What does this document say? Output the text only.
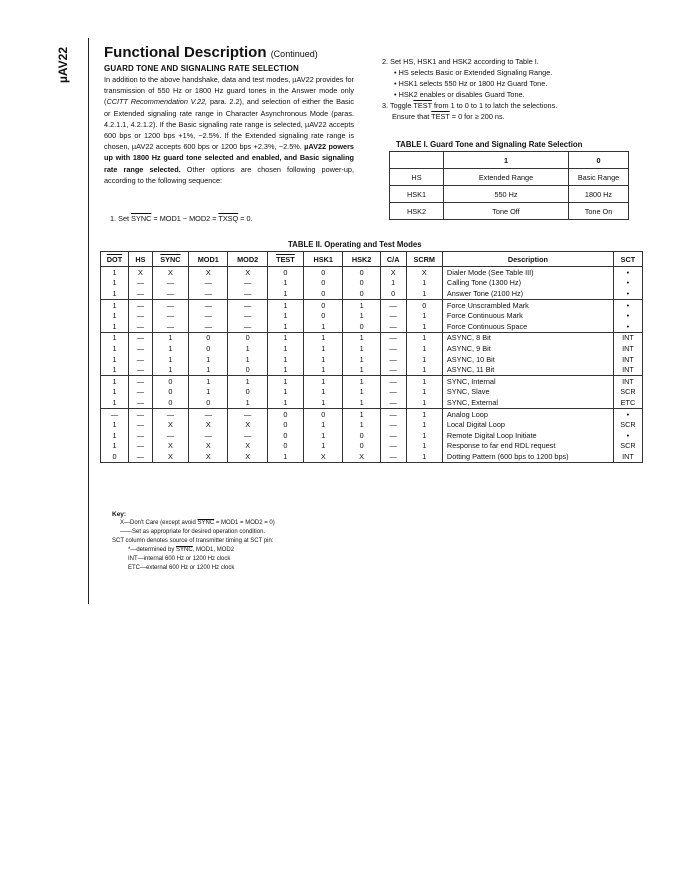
µAV22 Functional Description (Continued)
GUARD TONE AND SIGNALING RATE SELECTION
In addition to the above handshake, data and test modes, µAV22 provides for transmission of 550 Hz or 1800 Hz guard tones in the Answer mode only (CCITT Recommendation V.22, para. 2.2), and selection of either the Basic or Extended signaling rate range in Character Asynchronous Mode (paras. 4.2.1.1, 4.2.1.2). If the Basic signaling rate range is selected, µAV22 accepts 600 bps or 1200 bps +1%, −2.5%. If the Extended signaling rate range is chosen, µAV22 accepts 600 bps or 1200 bps +2.3%, −2.5%. µAV22 powers up with 1800 Hz guard tone selected and enabled, and Basic signaling rate range selected. Other options are chosen following power-up, according to the following sequence:
1. Set SYNC = MOD1 − MOD2 = TXSQ = 0.

2. Set HS, HSK1 and HSK2 according to Table I.

• HS selects Basic or Extended Signaling Range.

• HSK1 selects 550 Hz or 1800 Hz Guard Tone.

• HSK2 enables or disables Guard Tone.

3. Toggle TEST from 1 to 0 to 1 to latch the selections.

Ensure that TEST = 0 for ≥ 200 ns.

TABLE I. Guard Tone and Signaling Rate Selection
	1	0
HS	Extended Range	Basic Range
HSK1	550 Hz	1800 Hz
HSK2	Tone Off	Tone On
TABLE II. Operating and Test Modes
$\overline{DOT}$	HS	SYNC	MOD1	MOD2	TEST	HSK1	HSK2	C/A	SCRM	Description	SCT
1	X	X	X	X	0	0	0	X	X	Dialer Mode (See Table III)	•
1	—	—	—	—	1	0	0	1	1	Calling Tone (1300 Hz)	•
1	—	—	—	—	1	0	0	0	1	Answer Tone (2100 Hz)	•
1	—	—	—	—	1	0	1	—	0	Force Unscrambled Mark	•
1	—	—	—	—	1	0	1	—	1	Force Continuous Mark	•
1	—	—	—	—	1	1	0	—	1	Force Continuous Space	•
1	—	1	0	0	1	1	1	—	1	ASYNC, 8 Bit	INT
1	—	1	0	1	1	1	1	—	1	ASYNC, 9 Bit	INT
1	—	1	1	1	1	1	1	—	1	ASYNC, 10 Bit	INT
1	—	1	1	0	1	1	1	—	1	ASYNC, 11 Bit	INT
1	—	0	1	1	1	1	1	—	1	SYNC, Internal	INT
1	—	0	1	0	1	1	1	—	1	SYNC, Slave	SCR
1	—	0	0	1	1	1	1	—	1	SYNC, External	ETC
—	—	—	—	—	0	0	1	—	1	Analog Loop	•
1	—	X	X	X	0	1	1	—	1	Local Digital Loop	SCR
1	—	—	—	—	0	1	0	—	1	Remote Digital Loop Initiate	•
1	—	X	X	X	0	1	0	—	1	Response to far end RDL request	SCR
0	—	X	X	X	1	X	X	—	1	Dotting Pattern (600 bps to 1200 bps)	INT
Key:
X—Don't Care (except avoid SYNC = MOD1 = MOD2 = 0)
——Set as appropriate for desired operation condition.
SCT column denotes source of transmitter timing at SCT pin:
*—determined by SYNC, MOD1, MOD2
INT—internal 600 Hz or 1200 Hz clock
ETC—external 600 Hz or 1200 Hz clock
